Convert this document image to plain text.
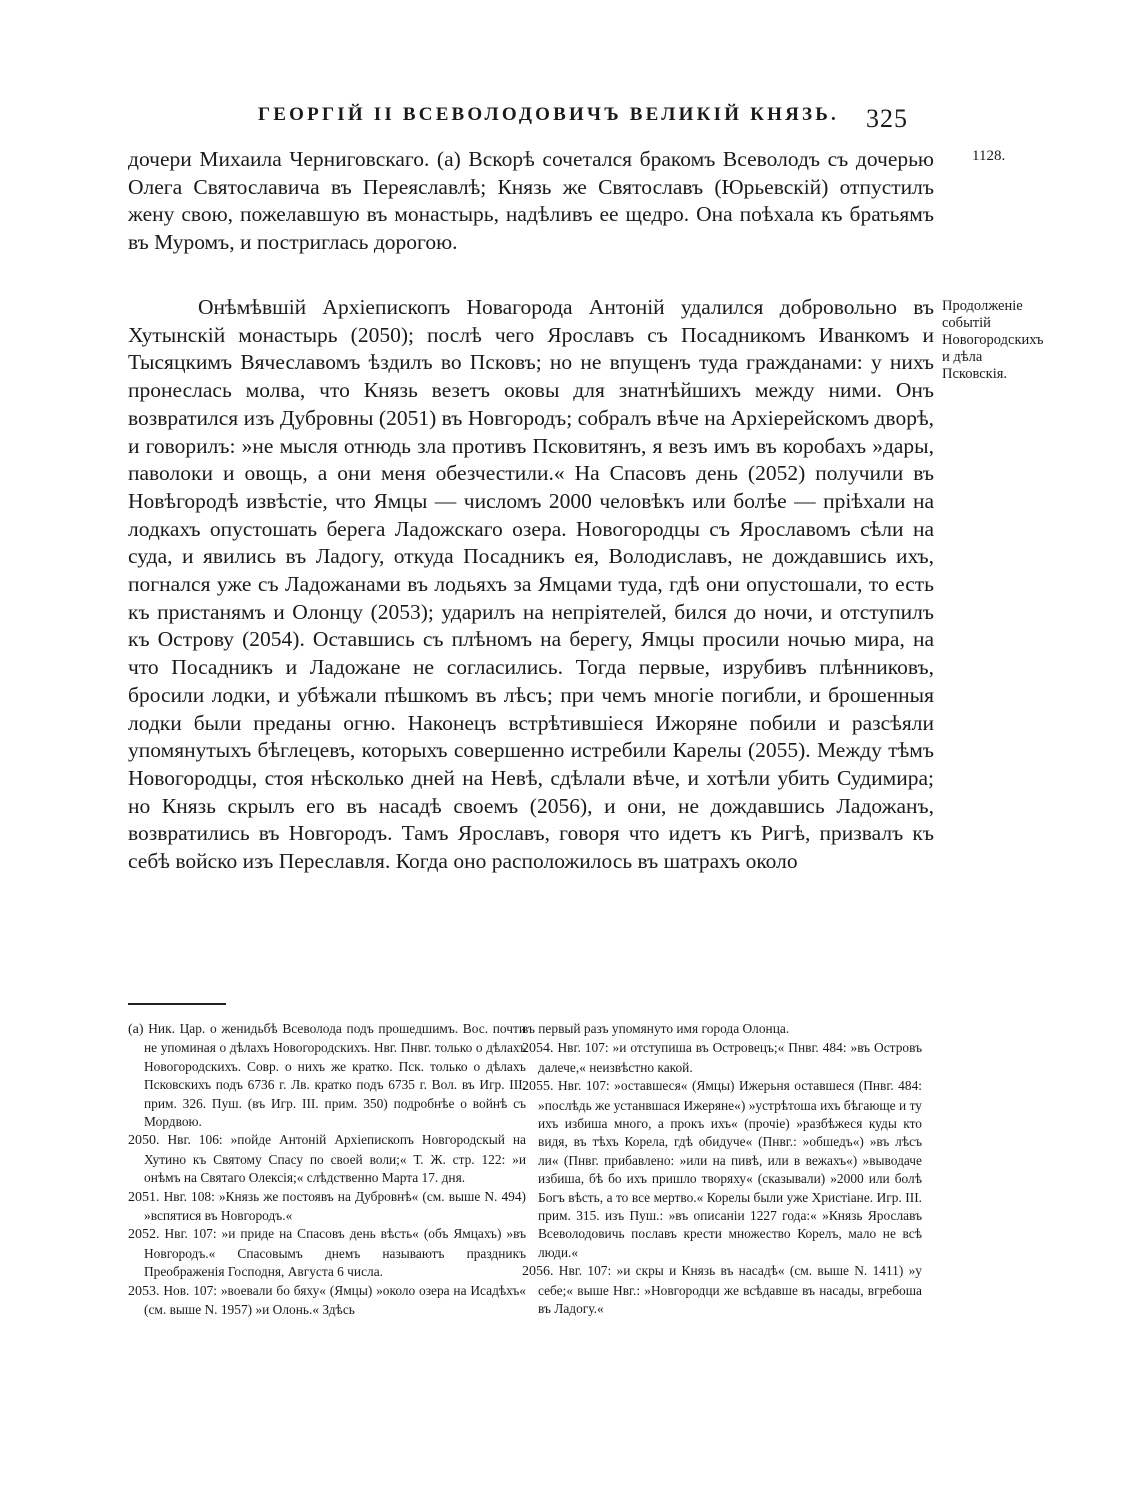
ГЕОРГІЙ II ВСЕВОЛОДОВИЧЪ ВЕЛИКІЙ КНЯЗЬ. 325
1128.
Продолженіе событій Новогородскихъ и дѣла Псковскія.
дочери Михаила Черниговскаго. (а) Вскорѣ сочетался бракомъ Всеволодъ съ дочерью Олега Святославича въ Переяславлѣ; Князь же Святославъ (Юрьевскій) отпустилъ жену свою, пожелавшую въ монастырь, надѣливъ ее щедро. Она поѣхала къ братьямъ въ Муромъ, и постриглась дорогою.
Онѣмѣвшій Архіепископъ Новагорода Антоній удалился добровольно въ Хутынскій монастырь (2050); послѣ чего Ярославъ съ Посадникомъ Иванкомъ и Тысяцкимъ Вячеславомъ ѣздилъ во Псковъ; но не впущенъ туда гражданами: у нихъ пронеслась молва, что Князь везетъ оковы для знатнѣйшихъ между ними. Онъ возвратился изъ Дубровны (2051) въ Новгородъ; собралъ вѣче на Архіерейскомъ дворѣ, и говорилъ: »не мысля отнюдь зла противъ Псковитянъ, я везъ имъ въ коробахъ »дары, паволоки и овощь, а они меня обезчестили.« На Спасовъ день (2052) получили въ Новѣгородѣ извѣстіе, что Ямцы — числомъ 2000 человѣкъ или болѣе — пріѣхали на лодкахъ опустошать берега Ладожскаго озера. Новогородцы съ Ярославомъ сѣли на суда, и явились въ Ладогу, откуда Посадникъ ея, Володиславъ, не дождавшись ихъ, погнался уже съ Ладожанами въ лодьяхъ за Ямцами туда, гдѣ они опустошали, то есть къ пристанямъ и Олонцу (2053); ударилъ на непріятелей, бился до ночи, и отступилъ къ Острову (2054). Оставшись съ плѣномъ на берегу, Ямцы просили ночью мира, на что Посадникъ и Ладожане не согласились. Тогда первые, изрубивъ плѣнниковъ, бросили лодки, и убѣжали пѣшкомъ въ лѣсъ; при чемъ многіе погибли, и брошенныя лодки были преданы огню. Наконецъ встрѣтившіеся Ижоряне побили и разсѣяли упомянутыхъ бѣглецевъ, которыхъ совершенно истребили Карелы (2055). Между тѣмъ Новогородцы, стоя нѣсколько дней на Невѣ, сдѣлали вѣче, и хотѣли убить Судимира; но Князь скрылъ его въ насадѣ своемъ (2056), и они, не дождавшись Ладожанъ, возвратились въ Новгородъ. Тамъ Ярославъ, говоря что идетъ къ Ригѣ, призвалъ къ себѣ войско изъ Переславля. Когда оно расположилось въ шатрахъ около

(а) Ник. Цар. о женидьбѣ Всеволода подъ прошедшимъ. Вос. почти не упоминая о дѣлахъ Новогородскихъ. Нвг. Пнвг. только о дѣлахъ Новогородскихъ. Совр. о нихъ же кратко. Пск. только о дѣлахъ Псковскихъ подъ 6736 г. Лв. кратко подъ 6735 г. Вол. въ Игр. III. прим. 326. Пуш. (въ Игр. III. прим. 350) подробнѣе о войнѣ съ Мордвою.

2050. Нвг. 106: »пойде Антоній Архіепископъ Новгородскый на Хутино къ Святому Спасу по своей воли;« Т. Ж. стр. 122: »и онѣмъ на Святаго Олексія;« слѣдственно Марта 17. дня.

2051. Нвг. 108: »Князь же постоявъ на Дубровнѣ« (см. выше N. 494) »вспятися въ Новгородъ.«

2052. Нвг. 107: »и приде на Спасовъ день вѣсть« (объ Ямцахъ) »въ Новгородъ.« Спасовымъ днемъ называютъ праздникъ Преображенія Господня, Августа 6 числа.

2053. Нов. 107: »воевали бо бяху« (Ямцы) »около озера на Исадѣхъ« (см. выше N. 1957) »и Олонь.« Здѣсь

въ первый разъ упомянуто имя города Олонца.

2054. Нвг. 107: »и отступиша въ Островецъ;« Пнвг. 484: »въ Островъ далече,« неизвѣстно какой.

2055. Нвг. 107: »оставшеся« (Ямцы) Ижерьня оставшеся (Пнвг. 484: »послѣдь же устанвшася Ижеряне«) »устрѣтоша ихъ бѣгающе и ту ихъ избиша много, а прокъ ихъ« (прочіе) »разбѣжеся куды кто видя, въ тѣхъ Корела, гдѣ обидуче« (Пнвг.: »обшедъ«) »въ лѣсъ ли« (Пнвг. прибавлено: »или на пивѣ, или в вежахъ«) »выводаче избиша, бѣ бо ихъ пришло творяху« (сказывали) »2000 или болѣ Богъ вѣсть, а то все мертво.« Корелы были уже Христіане. Игр. III. прим. 315. изъ Пуш.: »въ описаніи 1227 года:« »Князь Ярославъ Всеволодовичь пославъ крести множество Корелъ, мало не всѣ люди.«

2056. Нвг. 107: »и скры и Князь въ насадѣ« (см. выше N. 1411) »у себе;« выше Нвг.: »Новгородци же всѣдавше въ насады, вгребоша въ Ладогу.«
